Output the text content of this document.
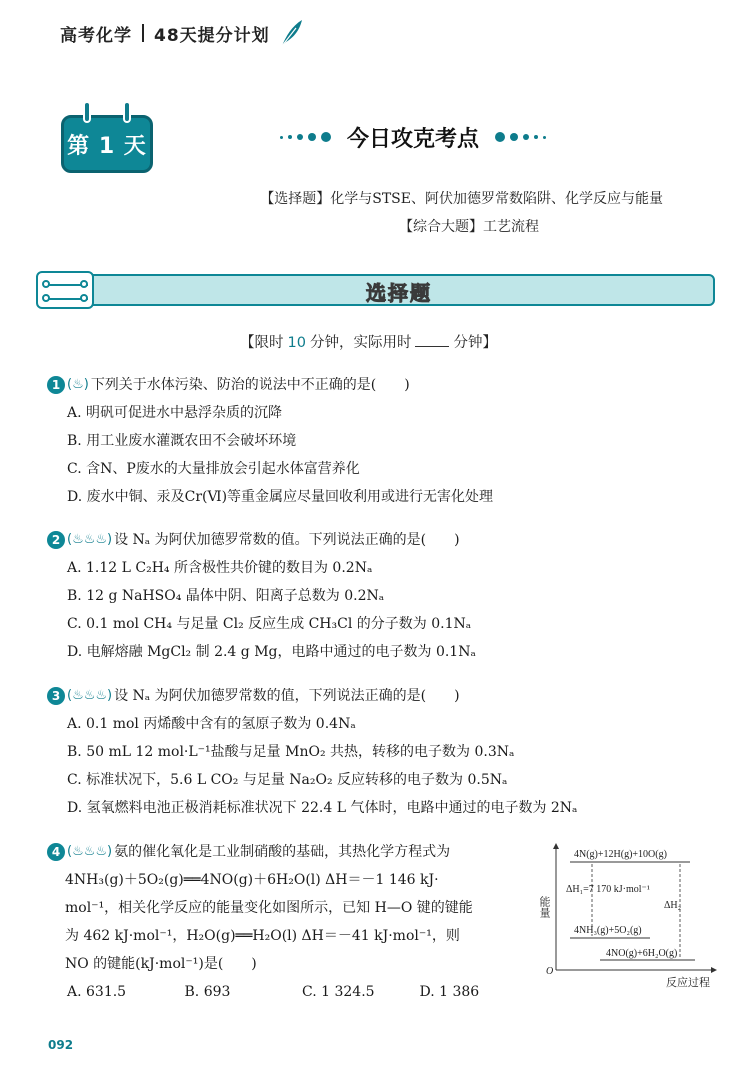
高考化学 48天提分计划
第 1 天	今日攻克考点
【选择题】化学与STSE、阿伏加德罗常数陷阱、化学反应与能量
【综合大题】工艺流程
选择题
【限时 10 分钟，实际用时	分钟】
1 (♨) 下列关于水体污染、防治的说法中不正确的是(　　)
A. 明矾可促进水中悬浮杂质的沉降
B. 用工业废水灌溉农田不会破坏环境
C. 含N、P废水的大量排放会引起水体富营养化
D. 废水中铜、汞及Cr(Ⅵ)等重金属应尽量回收利用或进行无害化处理
2 (♨♨♨) 设 Nₐ 为阿伏加德罗常数的值。下列说法正确的是(　　)
A. 1.12 L C₂H₄ 所含极性共价键的数目为 0.2Nₐ
B. 12 g NaHSO₄ 晶体中阴、阳离子总数为 0.2Nₐ
C. 0.1 mol CH₄ 与足量 Cl₂ 反应生成 CH₃Cl 的分子数为 0.1Nₐ
D. 电解熔融 MgCl₂ 制 2.4 g Mg，电路中通过的电子数为 0.1Nₐ
3 (♨♨♨) 设 Nₐ 为阿伏加德罗常数的值，下列说法正确的是(　　)
A. 0.1 mol 丙烯酸中含有的氢原子数为 0.4Nₐ
B. 50 mL 12 mol·L⁻¹盐酸与足量 MnO₂ 共热，转移的电子数为 0.3Nₐ
C. 标准状况下，5.6 L CO₂ 与足量 Na₂O₂ 反应转移的电子数为 0.5Nₐ
D. 氢氧燃料电池正极消耗标准状况下 22.4 L 气体时，电路中通过的电子数为 2Nₐ
4 (♨♨♨) 氨的催化氧化是工业制硝酸的基础，其热化学方程式为
4NH₃(g)＋5O₂(g)══4NO(g)＋6H₂O(l) ΔH＝－1 146 kJ·
mol⁻¹，相关化学反应的能量变化如图所示，已知 H—O 键的键能
为 462 kJ·mol⁻¹，H₂O(g)══H₂O(l) ΔH＝－41 kJ·mol⁻¹，则
NO 的键能(kJ·mol⁻¹)是(　　)
A. 631.5	B. 693	C. 1 324.5	D. 1 386
能量
O
反应过程
4N(g)+12H(g)+10O(g)
ΔH₁=7 170 kJ·mol⁻¹
ΔH₂
4NH₃(g)+5O₂(g)
4NO(g)+6H₂O(g)
092
